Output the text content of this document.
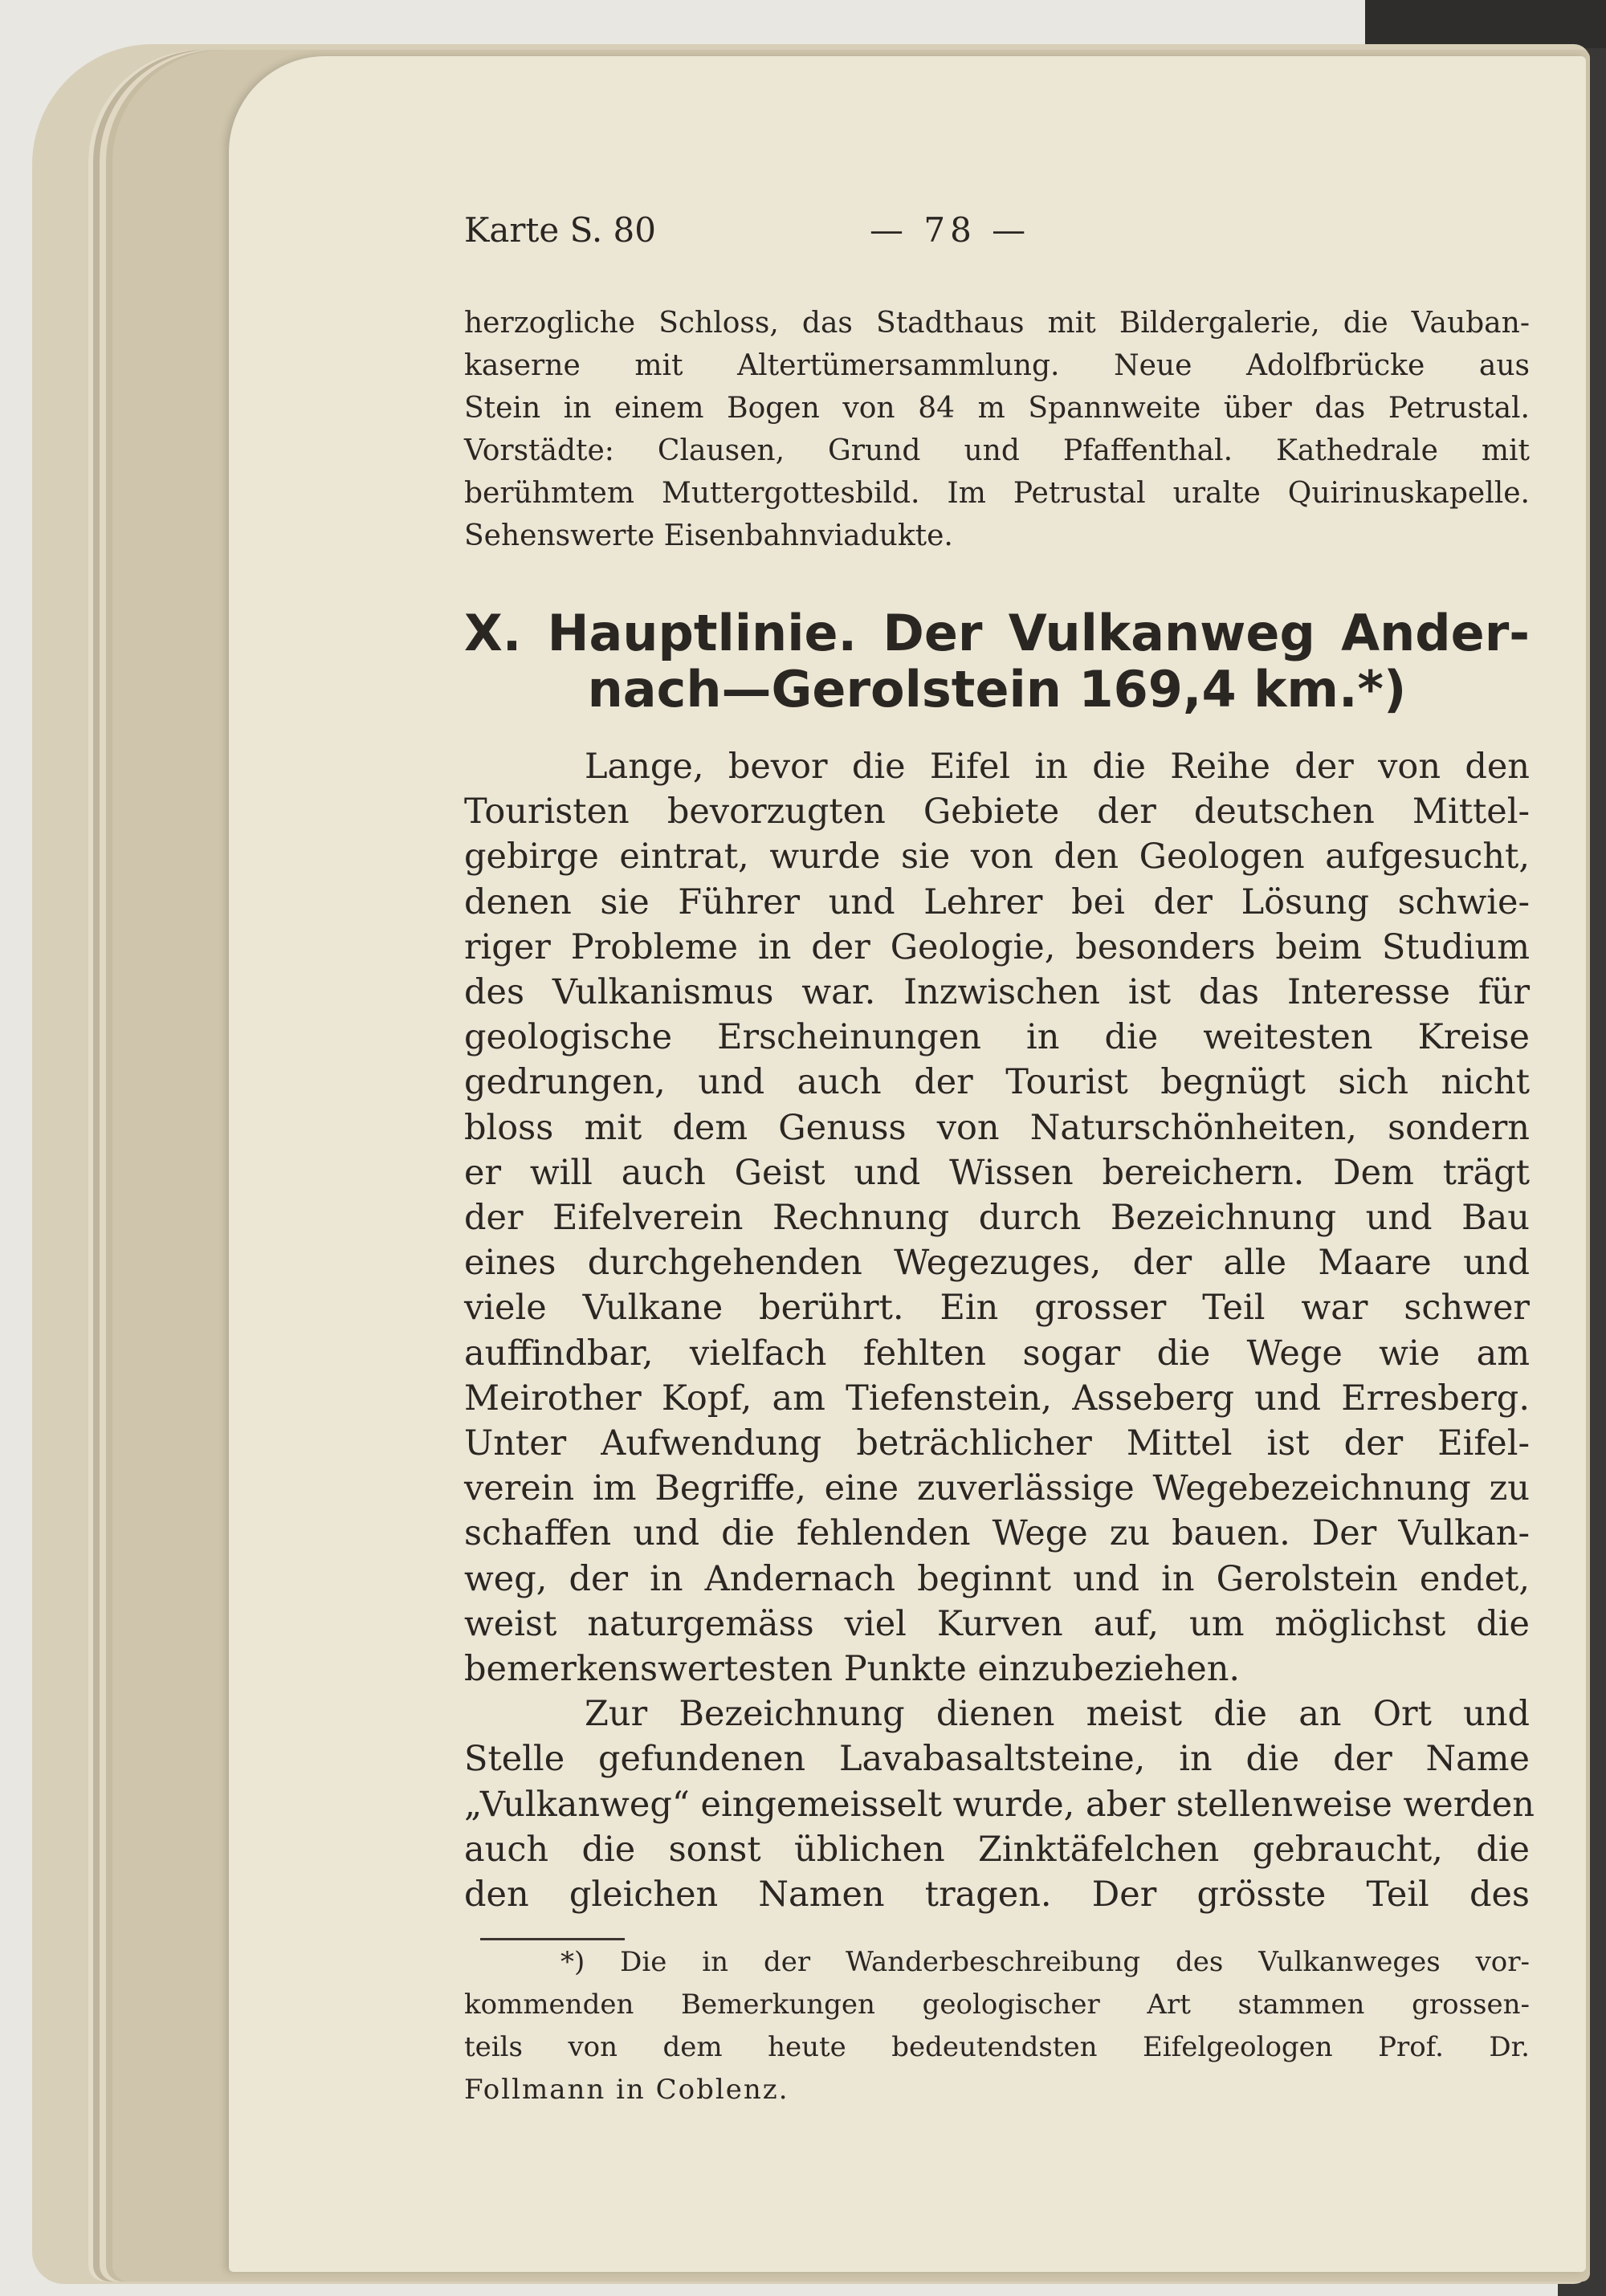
Karte S. 80	— 78 —
herzogliche Schloss, das Stadthaus mit Bildergalerie, die Vauban-
kaserne mit Altertümersammlung. Neue Adolfbrücke aus
Stein in einem Bogen von 84 m Spannweite über das Petrustal.
Vorstädte: Clausen, Grund und Pfaffenthal. Kathedrale mit
berühmtem Muttergottesbild. Im Petrustal uralte Quirinuskapelle.
Sehenswerte Eisenbahnviadukte.
X. Hauptlinie. Der Vulkanweg Ander-
nach—Gerolstein 169,4 km.*)
Lange, bevor die Eifel in die Reihe der von den
Touristen bevorzugten Gebiete der deutschen Mittel-
gebirge eintrat, wurde sie von den Geologen aufgesucht,
denen sie Führer und Lehrer bei der Lösung schwie-
riger Probleme in der Geologie, besonders beim Studium
des Vulkanismus war. Inzwischen ist das Interesse für
geologische Erscheinungen in die weitesten Kreise
gedrungen, und auch der Tourist begnügt sich nicht
bloss mit dem Genuss von Naturschönheiten, sondern
er will auch Geist und Wissen bereichern. Dem trägt
der Eifelverein Rechnung durch Bezeichnung und Bau
eines durchgehenden Wegezuges, der alle Maare und
viele Vulkane berührt. Ein grosser Teil war schwer
auffindbar, vielfach fehlten sogar die Wege wie am
Meirother Kopf, am Tiefenstein, Asseberg und Erresberg.
Unter Aufwendung beträchlicher Mittel ist der Eifel-
verein im Begriffe, eine zuverlässige Wegebezeichnung zu
schaffen und die fehlenden Wege zu bauen. Der Vulkan-
weg, der in Andernach beginnt und in Gerolstein endet,
weist naturgemäss viel Kurven auf, um möglichst die
bemerkenswertesten Punkte einzubeziehen.
Zur Bezeichnung dienen meist die an Ort und
Stelle gefundenen Lavabasaltsteine, in die der Name
„Vulkanweg“ eingemeisselt wurde, aber stellenweise werden
auch die sonst üblichen Zinktäfelchen gebraucht, die
den gleichen Namen tragen. Der grösste Teil des
*) Die in der Wanderbeschreibung des Vulkanweges vor-
kommenden Bemerkungen geologischer Art stammen grossen-
teils von dem heute bedeutendsten Eifelgeologen Prof. Dr.
Follmann in Coblenz.
